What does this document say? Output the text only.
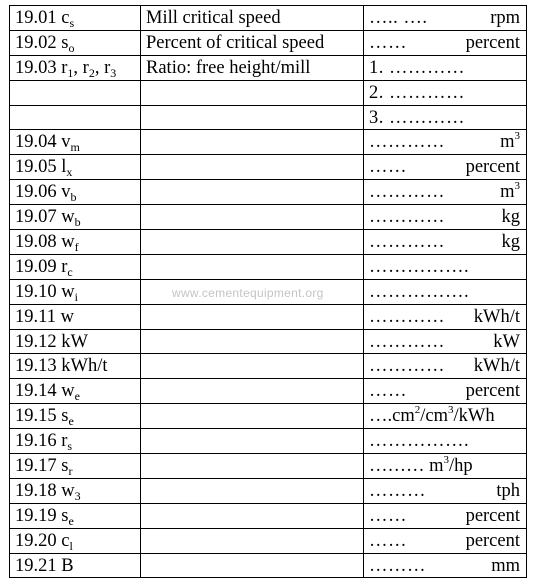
19.01 $c_s$	Mill critical speed	….. …. rpm

19.02 $s_o$	Percent of critical speed	…… percent

19.03 $r_1$, $r_2$, $r_3$	Ratio: free height/mill	1. …………
		2. …………
		3. …………
19.04 $v_m$		………… $m^3$

19.05 $l_x$		…… percent

19.06 $v_b$		………… $m^3$

19.07 $w_b$		………… kg

19.08 $w_f$		………… kg

19.09 $r_c$		…………….
19.10 $w_i$		…………….
19.11 w		………… kWh/t

19.12 kW		………… kW

19.13 kWh/t		………… kWh/t

19.14 $w_e$		…… percent

19.15 $s_e$		$\dots.cm^2/cm^3$/kWh
19.16 $r_s$		…………….
19.17 $s_r$		……… $m^3/hp$
19.18 $w_3$		……… tph

19.19 $s_e$		…… percent

19.20 $c_l$		…… percent

19.21 B		……… mm
www.cementequipment.org
